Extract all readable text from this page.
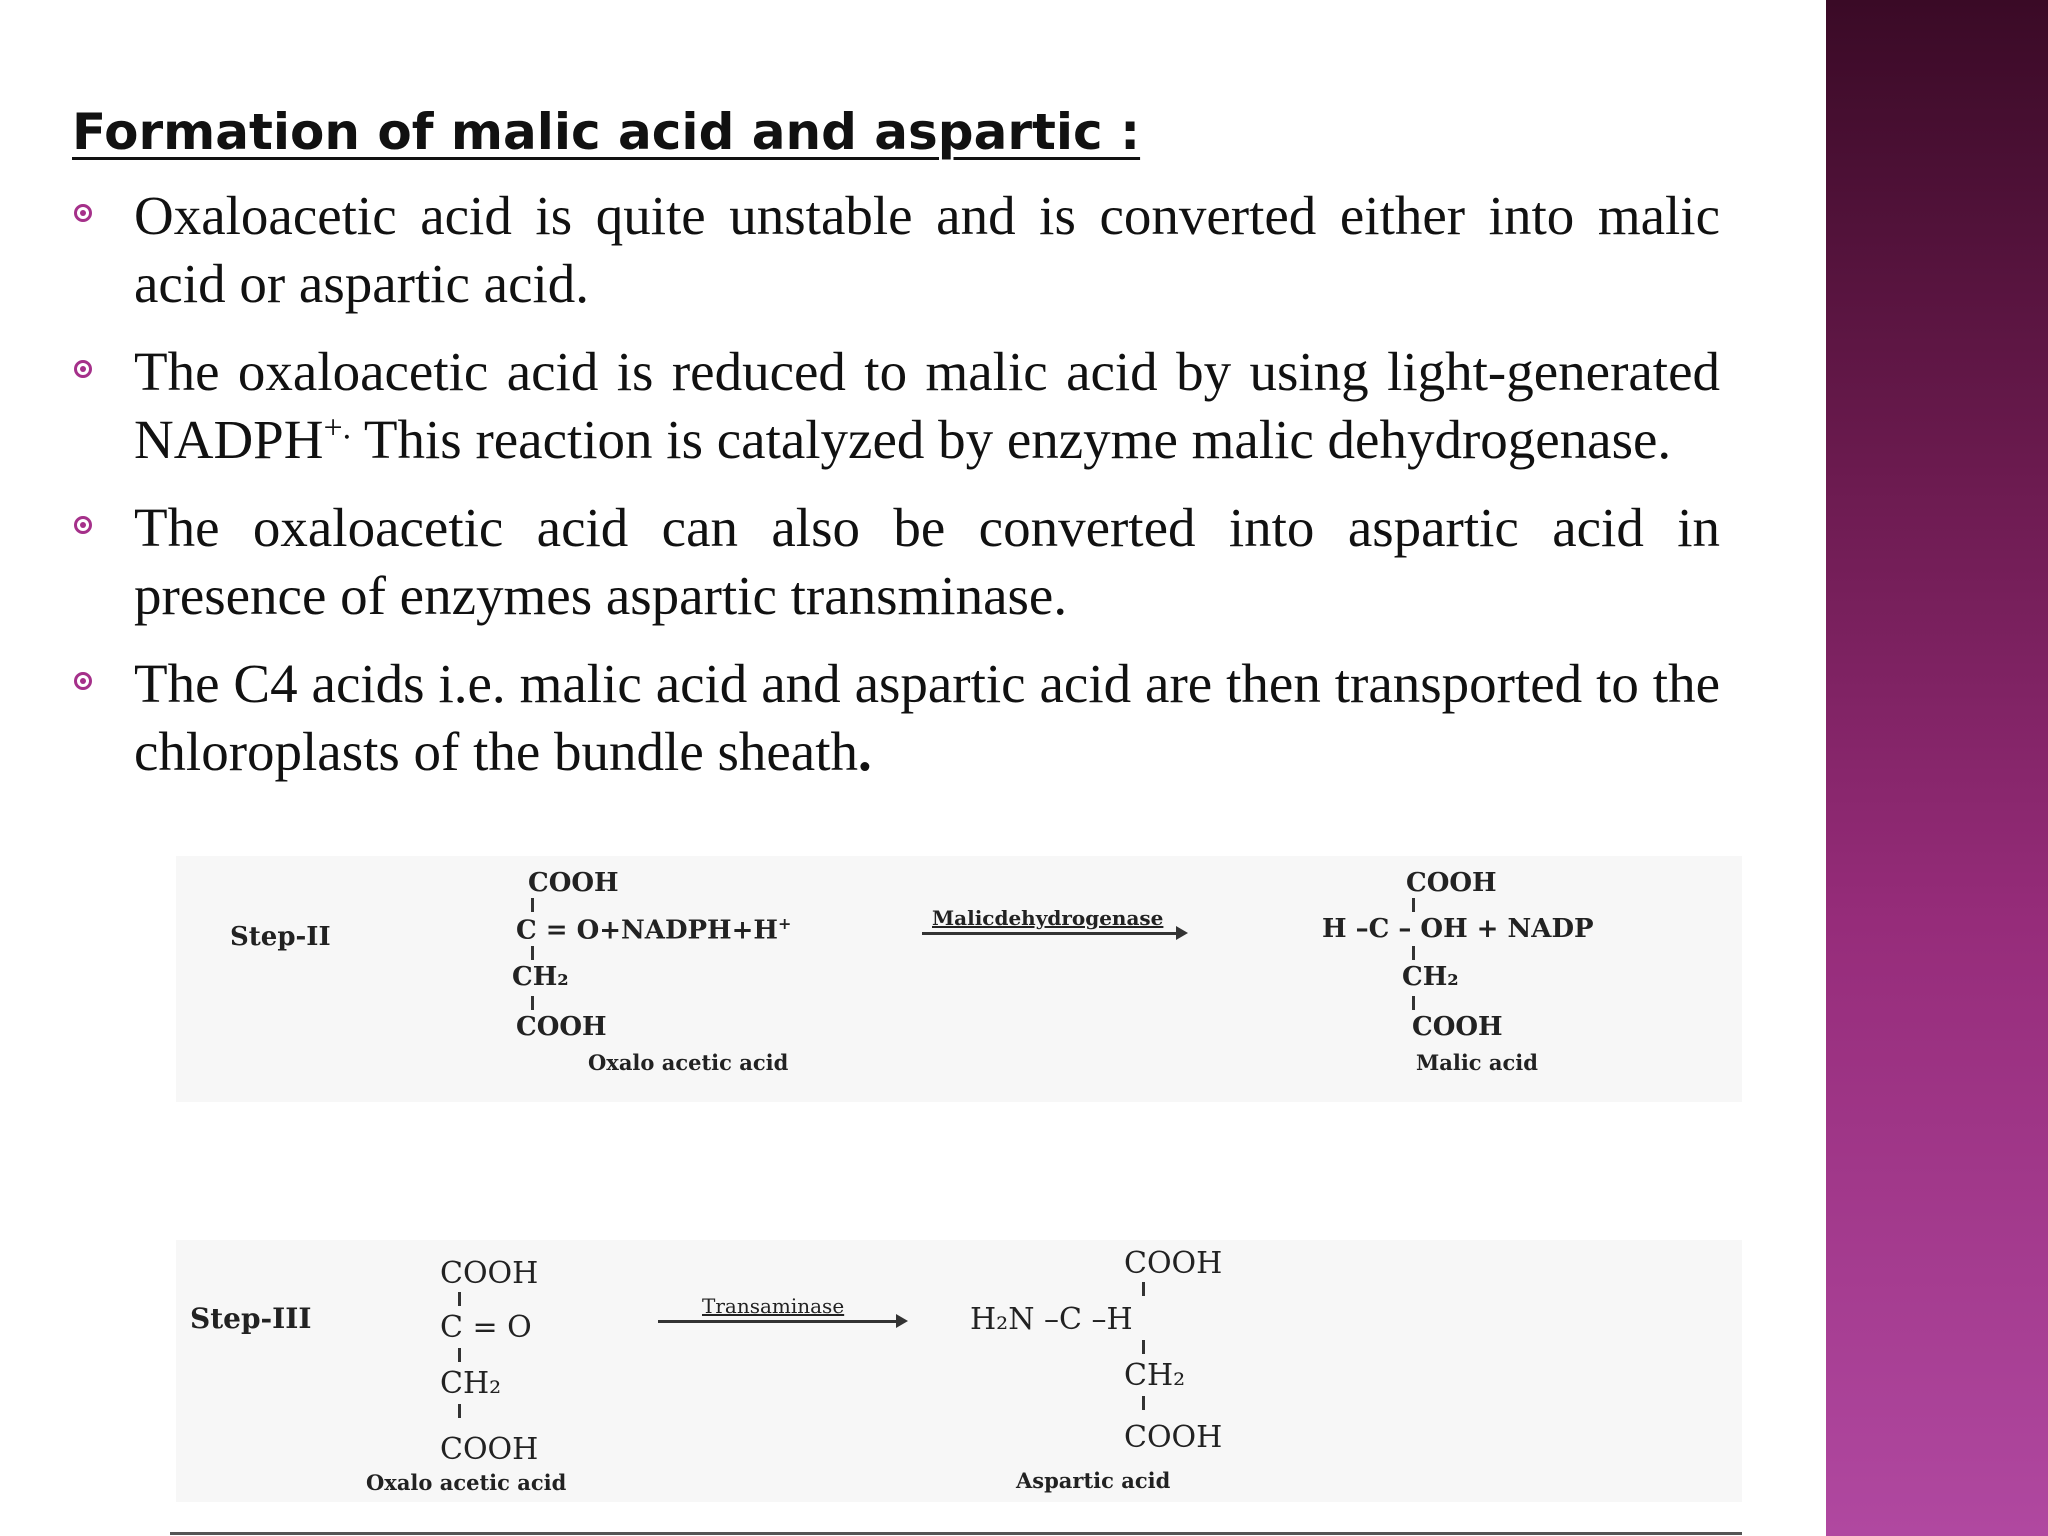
Formation of malic acid and aspartic :
Oxaloacetic acid is quite unstable and is converted either into malic acid or aspartic acid.
The oxaloacetic acid is reduced to malic acid by using light-generated NADPH+. This reaction is catalyzed by enzyme malic dehydrogenase.
The oxaloacetic acid can also be converted into aspartic acid in presence of enzymes aspartic transminase.
The C4 acids i.e. malic acid and aspartic acid are then transported to the chloroplasts of the bundle sheath.
Step-II
COOH
C = O+NADPH+H+
CH₂
COOH
Oxalo acetic acid
Malicdehydrogenase
COOH
H –C – OH + NADP
CH₂
COOH
Malic acid
Step-III
COOH
C = O
CH₂
COOH
Oxalo acetic acid
Transaminase
COOH
H₂N –C –H
CH₂
COOH
Aspartic acid
